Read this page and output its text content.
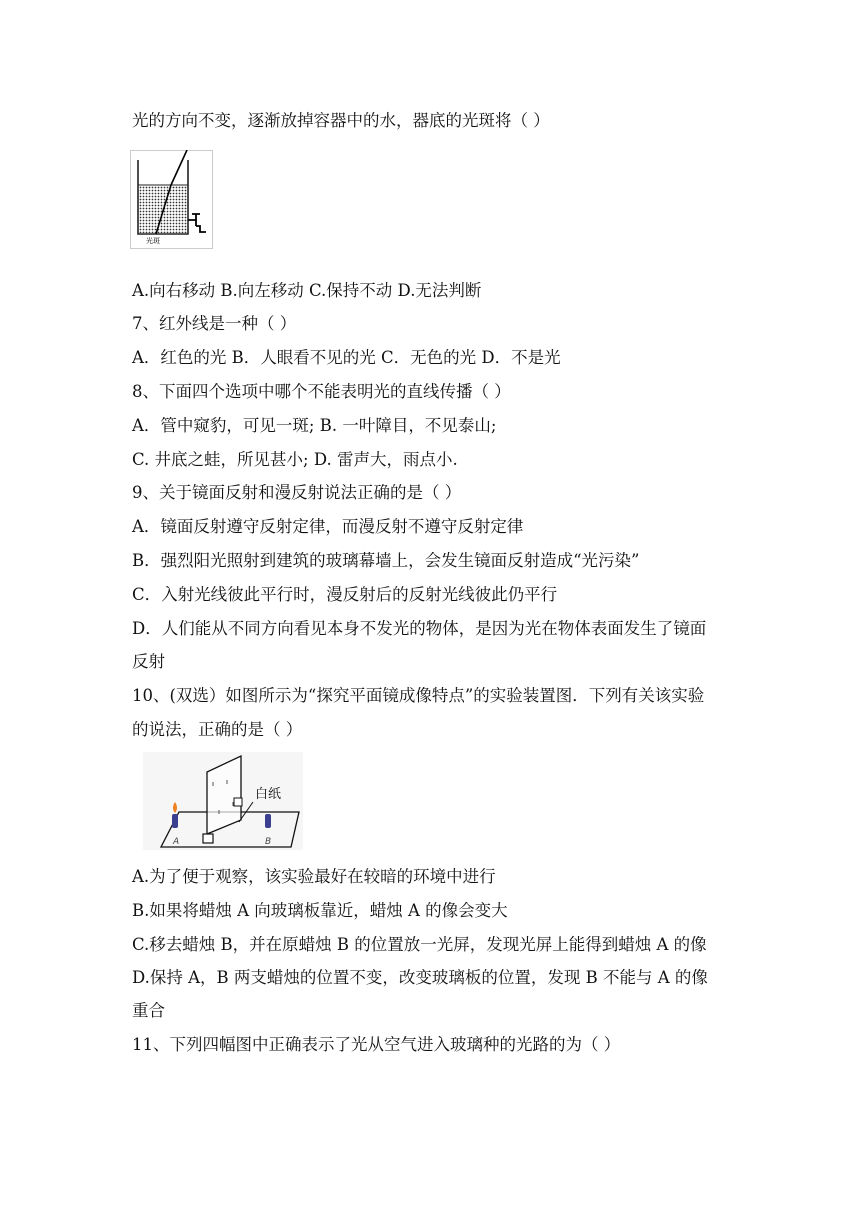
光的方向不变，逐渐放掉容器中的水，器底的光斑将（ ）
光斑
A.向右移动 B.向左移动 C.保持不动 D.无法判断
7、红外线是一种（ ）
A．红色的光 B．人眼看不见的光 C．无色的光 D．不是光
8、下面四个选项中哪个不能表明光的直线传播（ ）
A．管中窥豹，可见一斑; B. 一叶障目，不见泰山;
C. 井底之蛙，所见甚小; D. 雷声大，雨点小.
9、关于镜面反射和漫反射说法正确的是（ ）
A．镜面反射遵守反射定律，而漫反射不遵守反射定律
B．强烈阳光照射到建筑的玻璃幕墙上，会发生镜面反射造成“光污染”
C．入射光线彼此平行时，漫反射后的反射光线彼此仍平行
D．人们能从不同方向看见本身不发光的物体，是因为光在物体表面发生了镜面
反射
10、(双选）如图所示为“探究平面镜成像特点”的实验装置图．下列有关该实验
的说法，正确的是（ ）
白纸
A	B
A.为了便于观察，该实验最好在较暗的环境中进行
B.如果将蜡烛 A 向玻璃板靠近，蜡烛 A 的像会变大
C.移去蜡烛 B，并在原蜡烛 B 的位置放一光屏，发现光屏上能得到蜡烛 A 的像
D.保持 A，B 两支蜡烛的位置不变，改变玻璃板的位置，发现 B 不能与 A 的像
重合
11、下列四幅图中正确表示了光从空气进入玻璃种的光路的为（ ）
